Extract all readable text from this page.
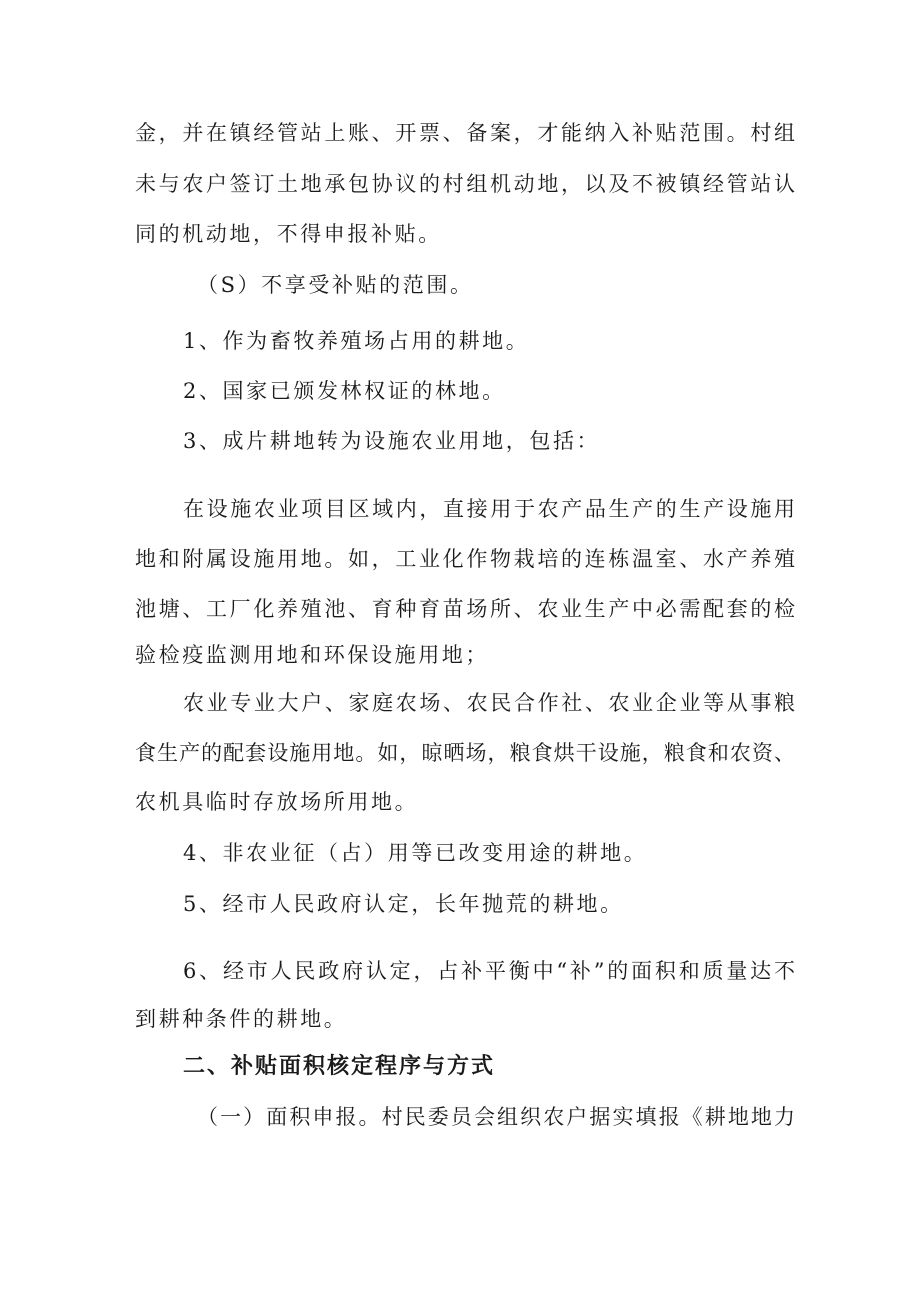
金，并在镇经管站上账、开票、备案，才能纳入补贴范围。村组
未与农户签订土地承包协议的村组机动地，以及不被镇经管站认
同的机动地，不得申报补贴。
（S）不享受补贴的范围。
1、作为畜牧养殖场占用的耕地。
2、国家已颁发林权证的林地。
3、成片耕地转为设施农业用地，包括：
在设施农业项目区域内，直接用于农产品生产的生产设施用
地和附属设施用地。如，工业化作物栽培的连栋温室、水产养殖
池塘、工厂化养殖池、育种育苗场所、农业生产中必需配套的检
验检疫监测用地和环保设施用地；
农业专业大户、家庭农场、农民合作社、农业企业等从事粮
食生产的配套设施用地。如，晾晒场，粮食烘干设施，粮食和农资、
农机具临时存放场所用地。
4、非农业征（占）用等已改变用途的耕地。
5、经市人民政府认定，长年抛荒的耕地。
6、经市人民政府认定，占补平衡中“补”的面积和质量达不
到耕种条件的耕地。
二、补贴面积核定程序与方式
（一）面积申报。村民委员会组织农户据实填报《耕地地力
